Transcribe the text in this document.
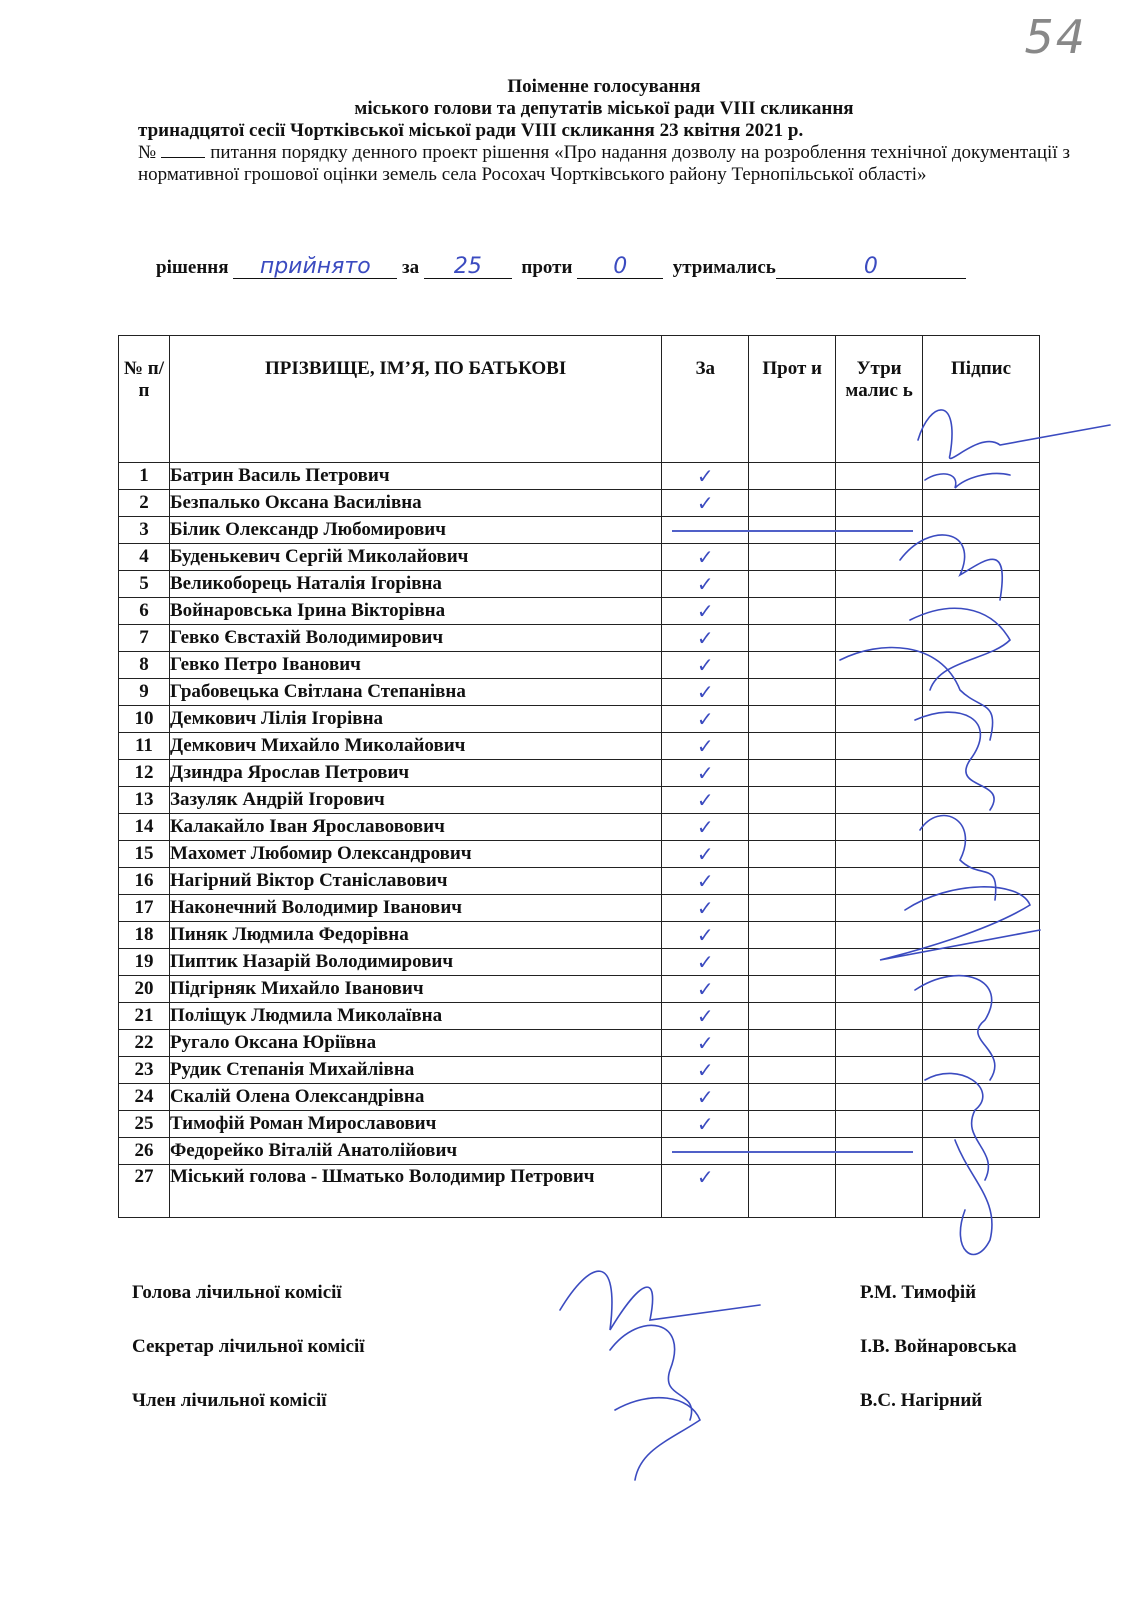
54
Поіменне голосування
міського голови та депутатів міської ради VIII скликання
тринадцятої сесії Чортківської міської ради VIII скликання 23 квітня 2021 р.
№	питання порядку денного проект рішення «Про надання дозволу на розроблення технічної документації з нормативної грошової оцінки земель села Росохач Чортківського району Тернопільської області»
рішення прийнято за 25 проти 0 утримались	0
№ п/п	ПРІЗВИЩЕ, ІМ’Я, ПО БАТЬКОВІ	За	Прот и	Утри малис ь	Підпис
1	Батрин Василь Петрович	✓			
2	Безпалько Оксана Василівна	✓			
3	Білик Олександр Любомирович				
4	Буденькевич Сергій Миколайович	✓			
5	Великоборець Наталія Ігорівна	✓			
6	Войнаровська Ірина Вікторівна	✓			
7	Гевко Євстахій Володимирович	✓			
8	Гевко Петро Іванович	✓			
9	Грабовецька Світлана Степанівна	✓			
10	Демкович Лілія Ігорівна	✓			
11	Демкович Михайло Миколайович	✓			
12	Дзиндра Ярослав Петрович	✓			
13	Зазуляк Андрій Ігорович	✓			
14	Калакайло Іван Ярославовович	✓			
15	Махомет Любомир Олександрович	✓			
16	Нагірний Віктор Станіславович	✓			
17	Наконечний Володимир Іванович	✓			
18	Пиняк Людмила Федорівна	✓			
19	Пиптик Назарій Володимирович	✓			
20	Підгірняк Михайло Іванович	✓			
21	Поліщук Людмила Миколаївна	✓			
22	Ругало Оксана Юріївна	✓			
23	Рудик Степанія Михайлівна	✓			
24	Скалій Олена Олександрівна	✓			
25	Тимофій Роман Мирославович	✓			
26	Федорейко Віталій Анатолійович				
27	Міський голова - Шматько Володимир Петрович	✓			
Голова лічильної комісії	Р.М. Тимофій
Секретар лічильної комісії	І.В. Войнаровська
Член лічильної комісії	В.С. Нагірний
